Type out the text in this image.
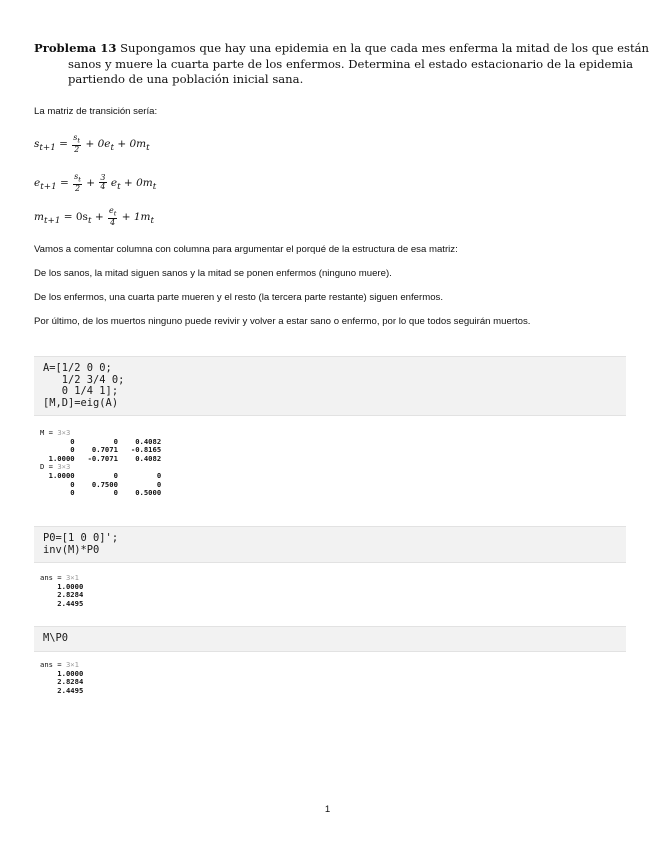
Problema 13 Supongamos que hay una epidemia en la que cada mes enferma la mitad de los que están
sanos y muere la cuarta parte de los enfermos. Determina el estado estacionario de la epidemia
partiendo de una población inicial sana.
La matriz de transición sería:
$s_{t+1} = \frac{s_t}{2} + 0e_t + 0m_t$
$e_{t+1} = \frac{s_t}{2} + \frac{3}{4} e_t + 0m_t$
$m_{t+1} = 0s_t + \frac{e_t}{4} + 1m_t$
Vamos a comentar columna con columna para argumentar el porqué de la estructura de esa matriz:
De los sanos, la mitad siguen sanos y la mitad se ponen enfermos (ninguno muere).
De los enfermos, una cuarta parte mueren y el resto (la tercera parte restante) siguen enfermos.
Por último, de los muertos ninguno puede revivir y volver a estar sano o enfermo, por lo que todos seguirán muertos.
A=[1/2 0 0;
1/2 3/4 0;
0 1/4 1];
[M,D]=eig(A)
M = 3×3
0         0    0.4082
0    0.7071   -0.8165
1.0000   -0.7071    0.4082
D = 3×3
1.0000         0         0
0    0.7500         0
0         0    0.5000
P0=[1 0 0]';
inv(M)*P0
ans = 3×1
1.0000
2.8284
2.4495
M\P0
ans = 3×1
1.0000
2.8284
2.4495
1
